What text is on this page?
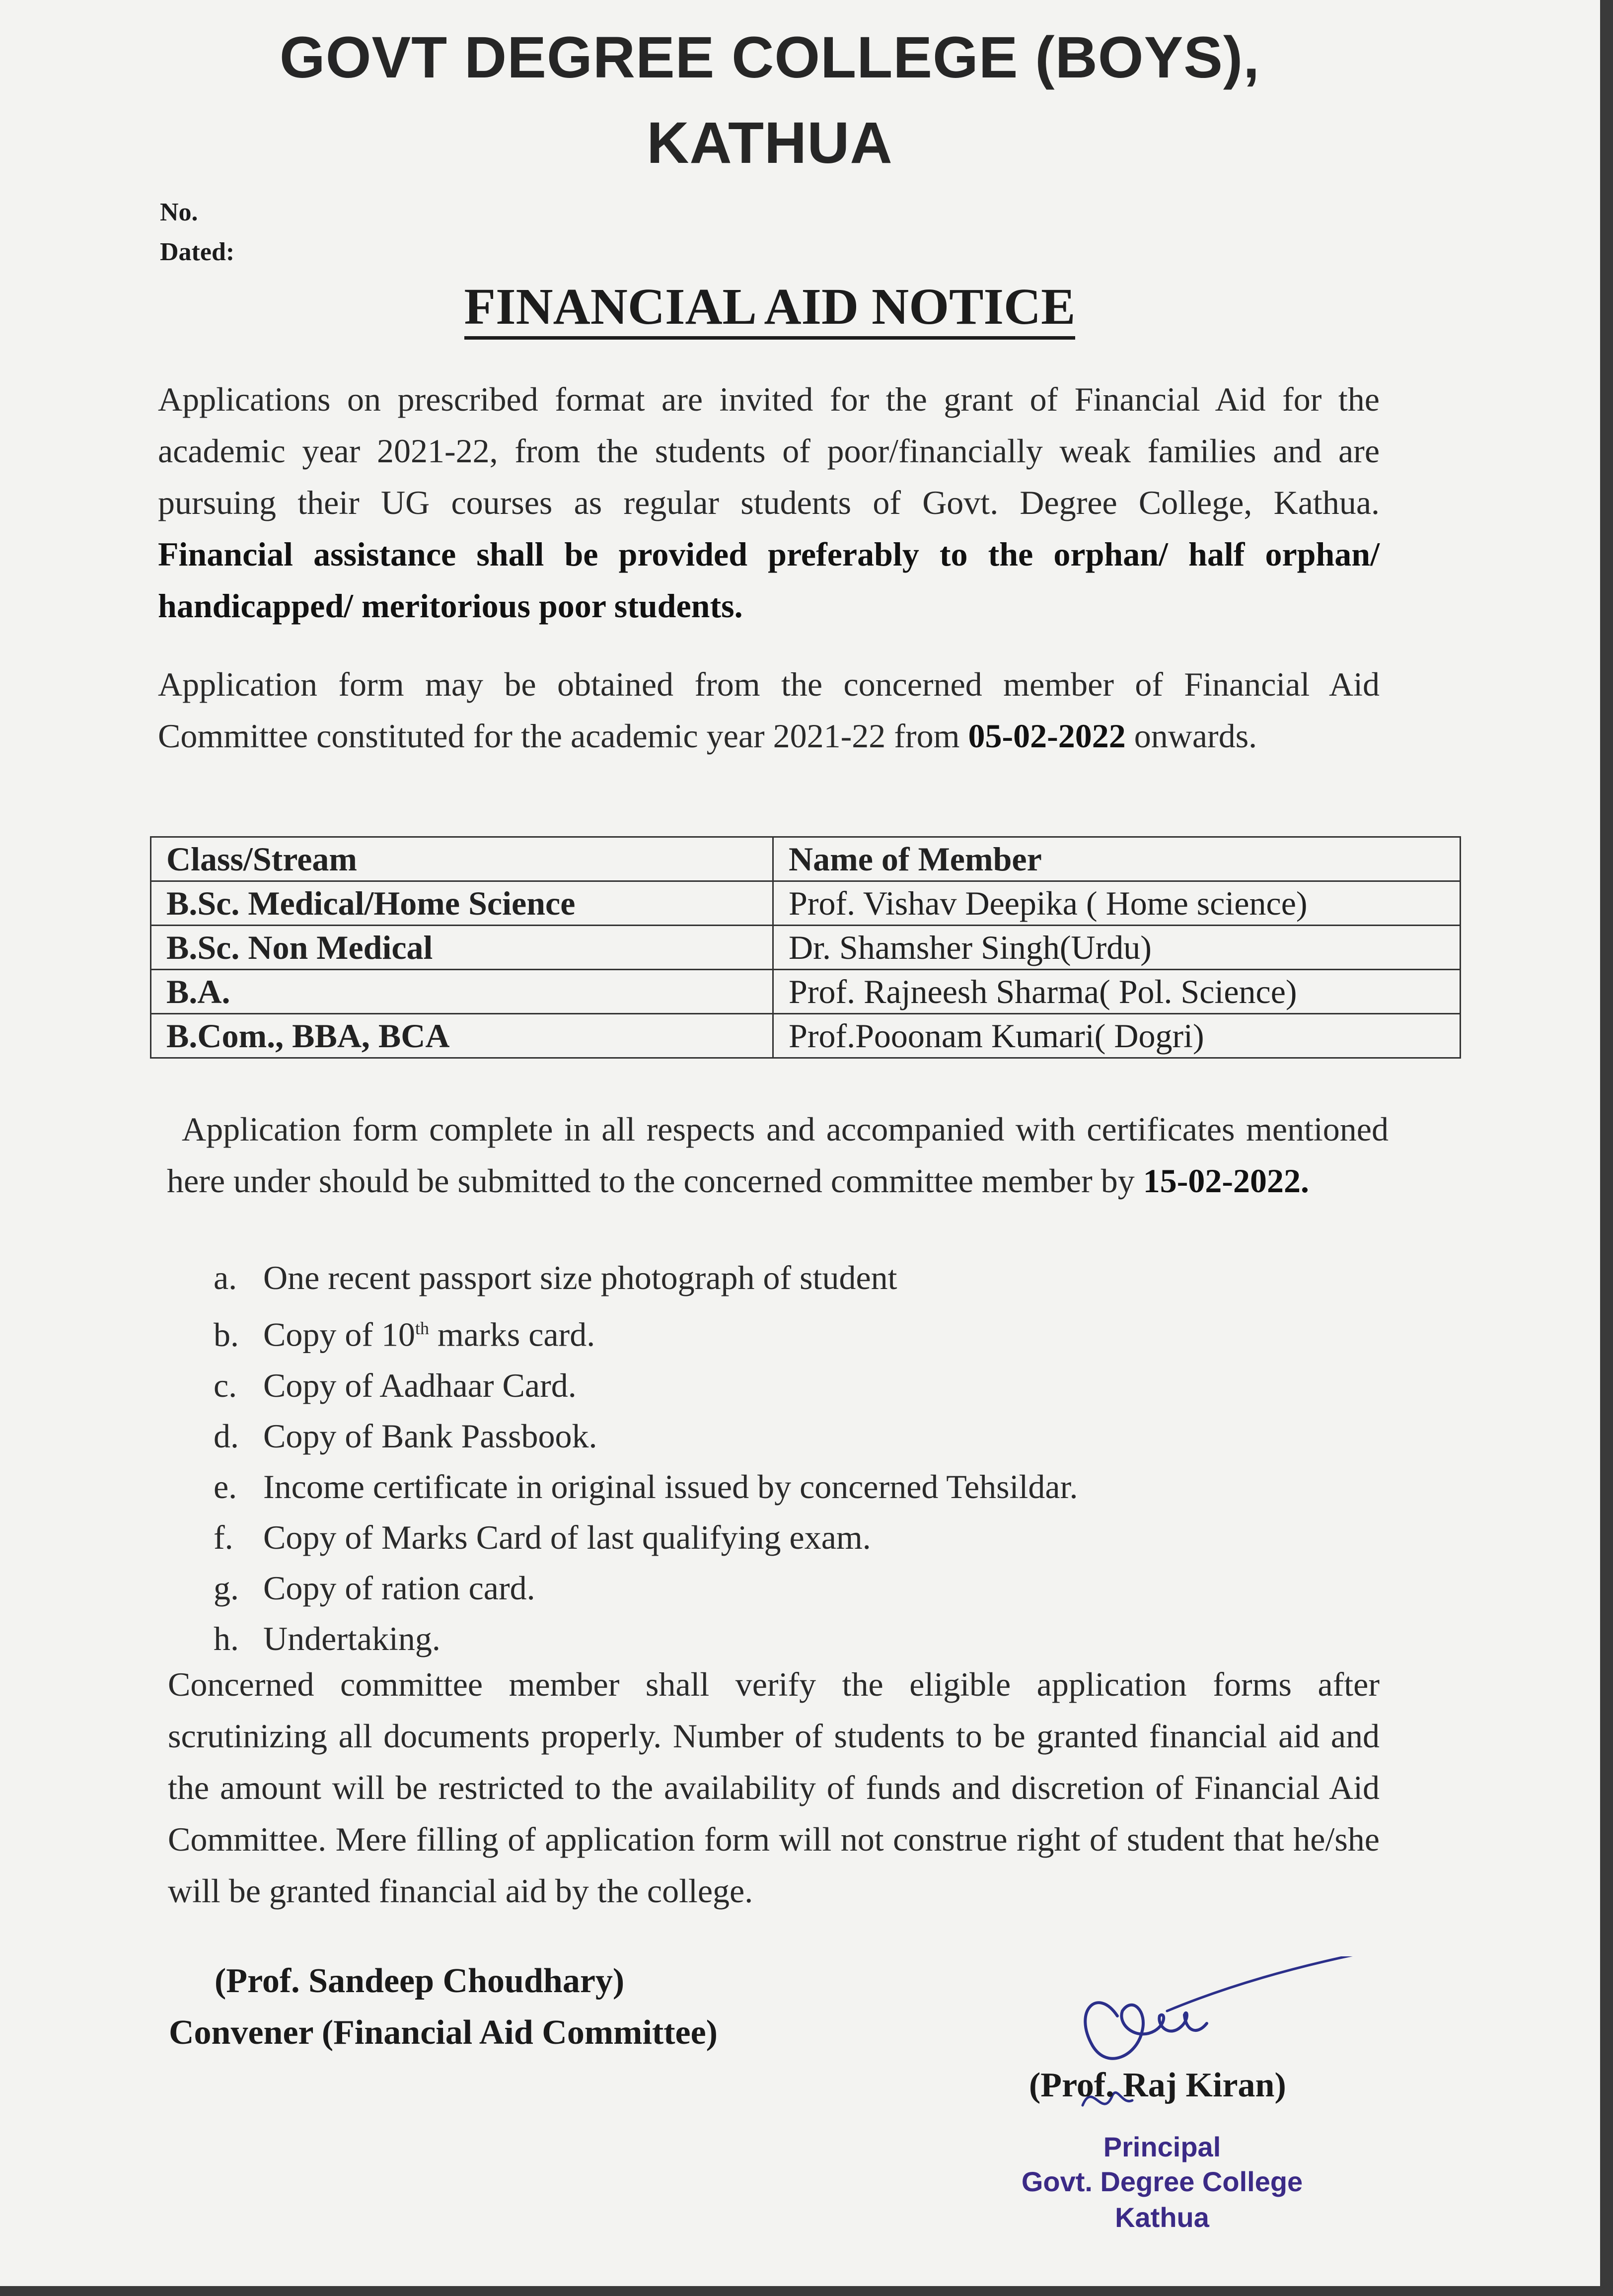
GOVT DEGREE COLLEGE (BOYS),
KATHUA
No.
Dated:
FINANCIAL AID NOTICE

Applications on prescribed format are invited for the grant of Financial Aid for the academic year 2021-22, from the students of poor/financially weak families and are pursuing their UG courses as regular students of Govt. Degree College, Kathua. Financial assistance shall be provided preferably to the orphan/ half orphan/ handicapped/ meritorious poor students.

Application form may be obtained from the concerned member of Financial Aid Committee constituted for the academic year 2021-22 from 05-02-2022 onwards.

Class/Stream	Name of Member
B.Sc. Medical/Home Science	Prof. Vishav Deepika ( Home science)
B.Sc. Non Medical	Dr. Shamsher Singh(Urdu)
B.A.	Prof. Rajneesh Sharma( Pol. Science)
B.Com., BBA, BCA	Prof.Pooonam Kumari( Dogri)

Application form complete in all respects and accompanied with certificates mentioned here under should be submitted to the concerned committee member by 15-02-2022.

a. One recent passport size photograph of student
b. Copy of 10th marks card.
c. Copy of Aadhaar Card.
d. Copy of Bank Passbook.
e. Income certificate in original issued by concerned Tehsildar.
f. Copy of Marks Card of last qualifying exam.
g. Copy of ration card.
h. Undertaking.

Concerned committee member shall verify the eligible application forms after scrutinizing all documents properly. Number of students to be granted financial aid and the amount will be restricted to the availability of funds and discretion of Financial Aid Committee. Mere filling of application form will not construe right of student that he/she will be granted financial aid by the college.

(Prof. Sandeep Choudhary)
Convener (Financial Aid Committee)
(Prof. Raj Kiran)
Principal
Govt. Degree College
Kathua
